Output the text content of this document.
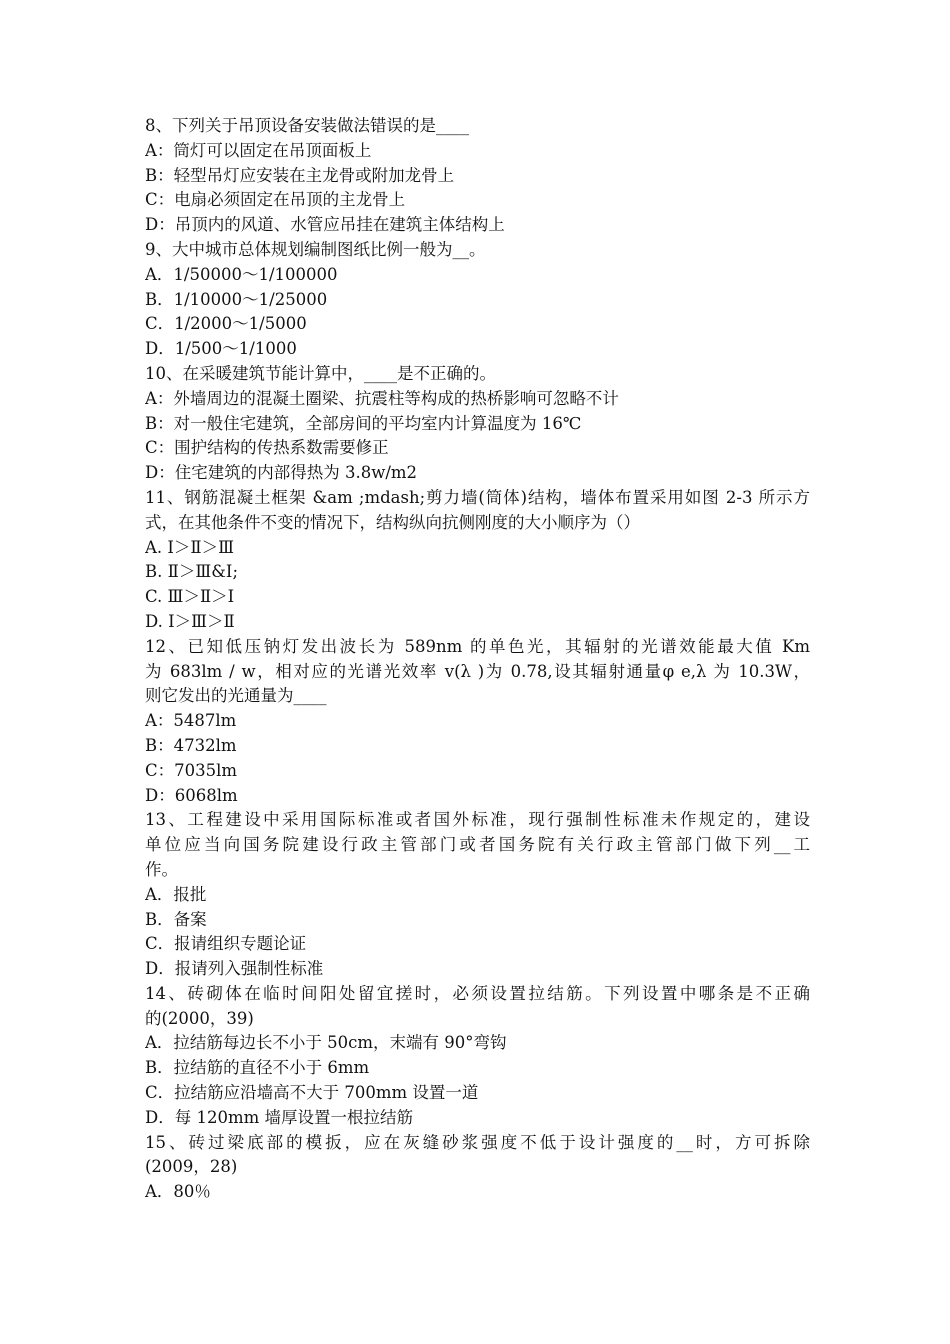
8、下列关于吊顶设备安装做法错误的是____
A：筒灯可以固定在吊顶面板上
B：轻型吊灯应安装在主龙骨或附加龙骨上
C：电扇必须固定在吊顶的主龙骨上
D：吊顶内的风道、水管应吊挂在建筑主体结构上
9、大中城市总体规划编制图纸比例一般为__。
A．1/50000～1/100000
B．1/10000～1/25000
C．1/2000～1/5000
D．1/500～1/1000
10、在采暖建筑节能计算中，____是不正确的。
A：外墙周边的混凝土圈梁、抗震柱等构成的热桥影响可忽略不计
B：对一般住宅建筑，全部房间的平均室内计算温度为 16℃
C：围护结构的传热系数需要修正
D：住宅建筑的内部得热为 3.8w/m2
11、钢筋混凝土框架 &am ;mdash;剪力墙(筒体)结构，墙体布置采用如图 2-3 所示方
式，在其他条件不变的情况下，结构纵向抗侧刚度的大小顺序为（）
A. Ⅰ＞Ⅱ＞Ⅲ
B. Ⅱ＞Ⅲ&Ⅰ;
C. Ⅲ＞Ⅱ＞Ⅰ
D. Ⅰ＞Ⅲ＞Ⅱ
12、已知低压钠灯发出波长为 589nm 的单色光，其辐射的光谱效能最大值 Km
为 683lm / w，相对应的光谱光效率 v(λ )为 0.78,设其辐射通量φ e,λ 为 10.3W，
则它发出的光通量为____
A：5487lm
B：4732lm
C：7035lm
D：6068lm
13、工程建设中采用国际标准或者国外标准，现行强制性标准未作规定的，建设
单位应当向国务院建设行政主管部门或者国务院有关行政主管部门做下列__工
作。
A．报批
B．备案
C．报请组织专题论证
D．报请列入强制性标准
14、砖砌体在临时间阳处留宜搓时，必须设置拉结筋。下列设置中哪条是不正确
的(2000，39)
A．拉结筋每边长不小于 50cm，末端有 90°弯钩
B．拉结筋的直径不小于 6mm
C．拉结筋应沿墙高不大于 700mm 设置一道
D．每 120mm 墙厚设置一根拉结筋
15、砖过梁底部的模扳，应在灰缝砂浆强度不低于设计强度的__时，方可拆除
(2009，28)
A．80％
